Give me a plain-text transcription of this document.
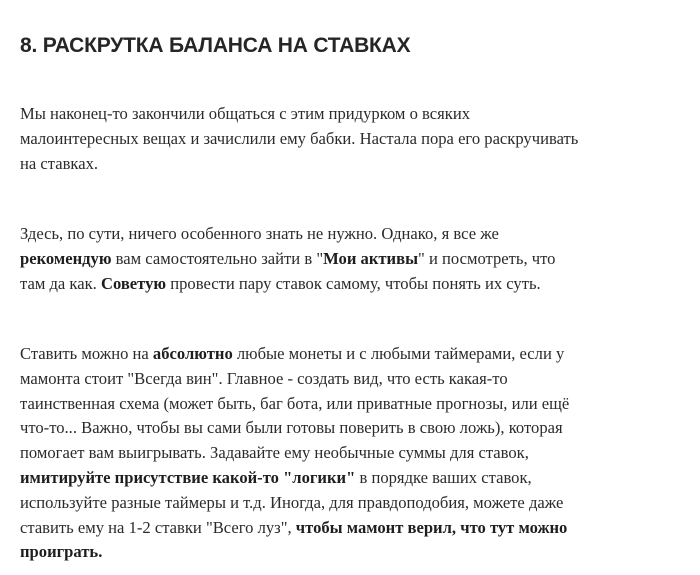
8. РАСКРУТКА БАЛАНСА НА СТАВКАХ

Мы наконец-то закончили общаться с этим придурком о всяких
малоинтересных вещах и зачислили ему бабки. Настала пора его раскручивать
на ставках.

Здесь, по сути, ничего особенного знать не нужно. Однако, я все же
рекомендую вам самостоятельно зайти в "Мои активы" и посмотреть, что
там да как. Советую провести пару ставок самому, чтобы понять их суть.

Ставить можно на абсолютно любые монеты и с любыми таймерами, если у
мамонта стоит "Всегда вин". Главное - создать вид, что есть какая-то
таинственная схема (может быть, баг бота, или приватные прогнозы, или ещё
что-то... Важно, чтобы вы сами были готовы поверить в свою ложь), которая
помогает вам выигрывать. Задавайте ему необычные суммы для ставок,
имитируйте присутствие какой-то "логики" в порядке ваших ставок,
используйте разные таймеры и т.д. Иногда, для правдоподобия, можете даже
ставить ему на 1-2 ставки "Всего луз", чтобы мамонт верил, что тут можно
проиграть.
